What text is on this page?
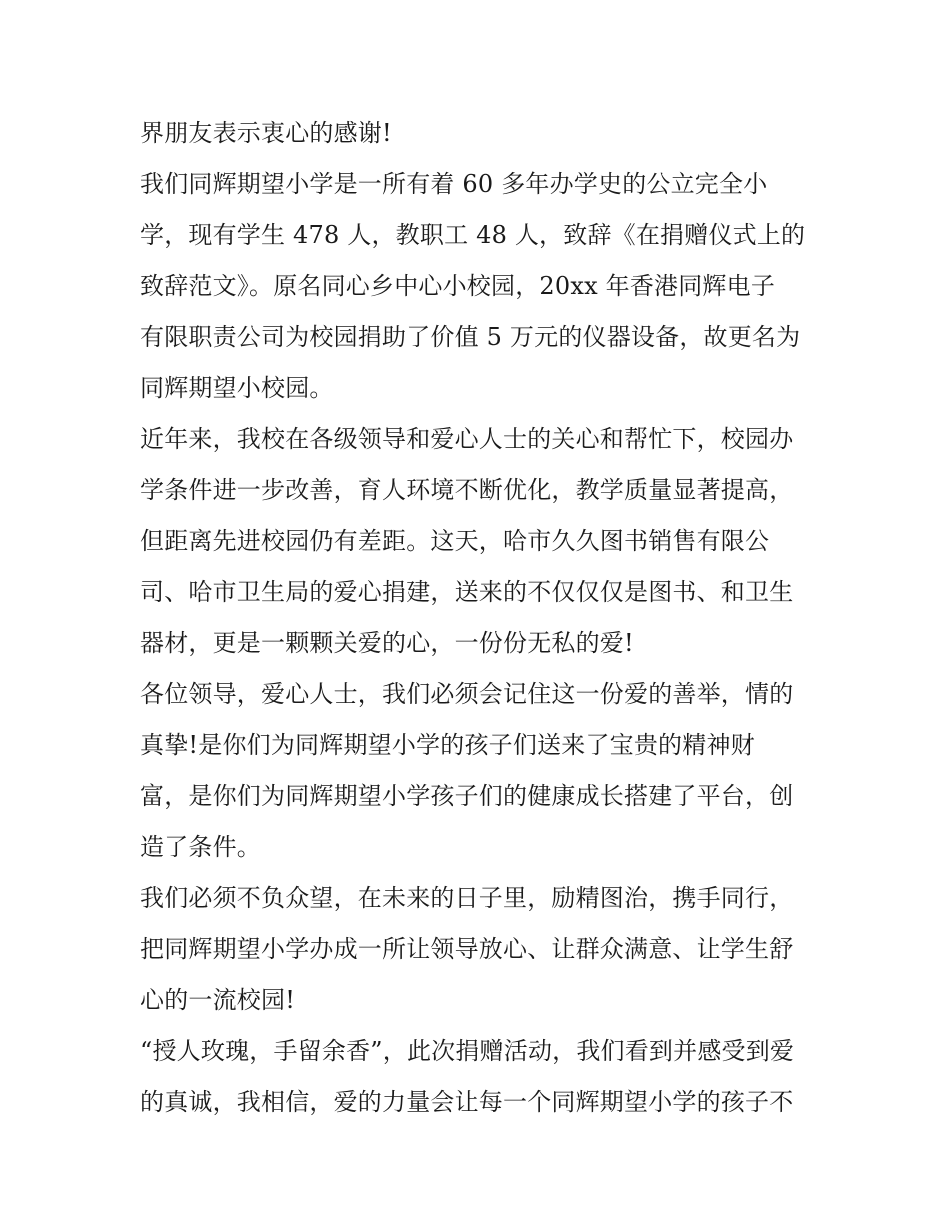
界朋友表示衷心的感谢!
我们同辉期望小学是一所有着 60 多年办学史的公立完全小
学，现有学生 478 人，教职工 48 人，致辞《在捐赠仪式上的
致辞范文》。原名同心乡中心小校园，20xx 年香港同辉电子
有限职责公司为校园捐助了价值 5 万元的仪器设备，故更名为
同辉期望小校园。
近年来，我校在各级领导和爱心人士的关心和帮忙下，校园办
学条件进一步改善，育人环境不断优化，教学质量显著提高，
但距离先进校园仍有差距。这天，哈市久久图书销售有限公
司、哈市卫生局的爱心捐建，送来的不仅仅仅是图书、和卫生
器材，更是一颗颗关爱的心，一份份无私的爱!
各位领导，爱心人士，我们必须会记住这一份爱的善举，情的
真挚!是你们为同辉期望小学的孩子们送来了宝贵的精神财
富，是你们为同辉期望小学孩子们的健康成长搭建了平台，创
造了条件。
我们必须不负众望，在未来的日子里，励精图治，携手同行，
把同辉期望小学办成一所让领导放心、让群众满意、让学生舒
心的一流校园!
“授人玫瑰，手留余香”，此次捐赠活动，我们看到并感受到爱
的真诚，我相信，爱的力量会让每一个同辉期望小学的孩子不
